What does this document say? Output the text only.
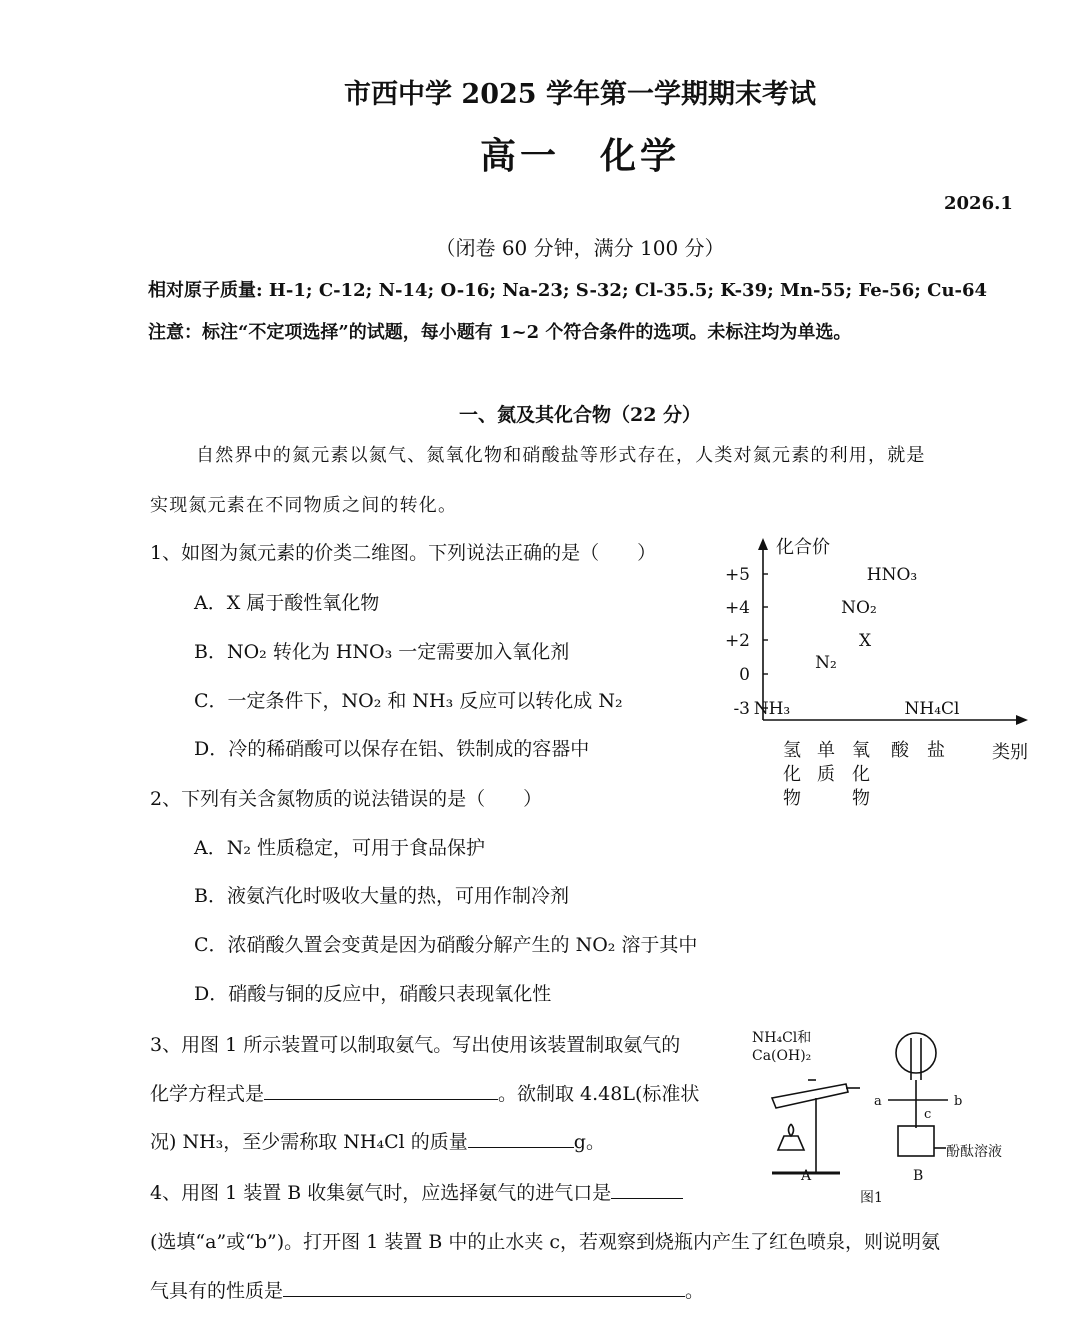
市西中学 2025 学年第一学期期末考试
高一　化学
2026.1
（闭卷 60 分钟，满分 100 分）
相对原子质量: H-1; C-12; N-14; O-16; Na-23; S-32; Cl-35.5; K-39; Mn-55; Fe-56; Cu-64
注意：标注“不定项选择”的试题，每小题有 1~2 个符合条件的选项。未标注均为单选。
一、氮及其化合物（22 分）
自然界中的氮元素以氮气、氮氧化物和硝酸盐等形式存在，人类对氮元素的利用，就是
实现氮元素在不同物质之间的转化。
1、如图为氮元素的价类二维图。下列说法正确的是（　　）
A．X 属于酸性氧化物
B．NO₂ 转化为 HNO₃ 一定需要加入氧化剂
C．一定条件下，NO₂ 和 NH₃ 反应可以转化成 N₂
D．冷的稀硝酸可以保存在铝、铁制成的容器中
2、下列有关含氮物质的说法错误的是（　　）
A．N₂ 性质稳定，可用于食品保护
B．液氨汽化时吸收大量的热，可用作制冷剂
C．浓硝酸久置会变黄是因为硝酸分解产生的 NO₂ 溶于其中
D．硝酸与铜的反应中，硝酸只表现氧化性
3、用图 1 所示装置可以制取氨气。写出使用该装置制取氨气的
化学方程式是	。欲制取 4.48L(标准状
况) NH₃，至少需称取 NH₄Cl 的质量	g。
4、用图 1 装置 B 收集氨气时，应选择氨气的进气口是
(选填“a”或“b”)。打开图 1 装置 B 中的止水夹 c，若观察到烧瓶内产生了红色喷泉，则说明氨
气具有的性质是	。
化合价
类别
+5
+4
+2
0
-3
氢化物
单质
氧化物
酸 盐
NH₃
N₂
X
NO₂
HNO₃
NH₄Cl
NH₄Cl和
Ca(OH)₂
a	b
c
酚酞溶液
A	B
图1
